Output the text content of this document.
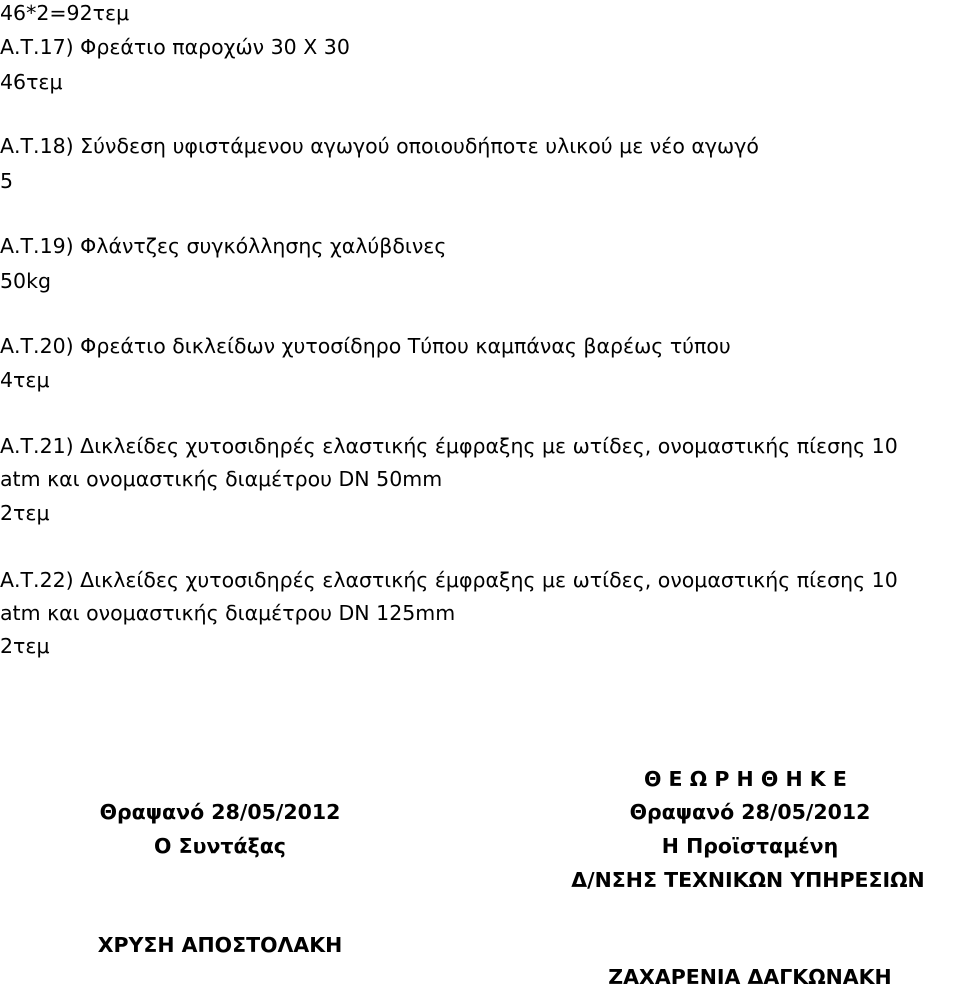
46*2=92τεμ
Α.Τ.17) Φρεάτιο παροχών 30 Χ 30
46τεμ
Α.Τ.18) Σύνδεση υφιστάμενου αγωγού οποιουδήποτε υλικού με νέο αγωγό
5
Α.Τ.19) Φλάντζες συγκόλλησης χαλύβδινες
50kg
Α.Τ.20) Φρεάτιο δικλείδων χυτοσίδηρο Τύπου καμπάνας βαρέως τύπου
4τεμ
Α.Τ.21) Δικλείδες χυτοσιδηρές ελαστικής έμφραξης με ωτίδες, ονομαστικής πίεσης 10
atm και ονομαστικής διαμέτρου DN 50mm
2τεμ
Α.Τ.22) Δικλείδες χυτοσιδηρές ελαστικής έμφραξης με ωτίδες, ονομαστικής πίεσης 10
atm και ονομαστικής διαμέτρου DN 125mm
2τεμ
ΘΕΩΡΗΘΗΚΕ
Θραψανό 28/05/2012	Θραψανό 28/05/2012
Ο Συντάξας	Η Προϊσταμένη
Δ/ΝΣΗΣ ΤΕΧΝΙΚΩΝ ΥΠΗΡΕΣΙΩΝ
ΧΡΥΣΗ ΑΠΟΣΤΟΛΑΚΗ
ΖΑΧΑΡΕΝΙΑ ΔΑΓΚΩΝΑΚΗ
